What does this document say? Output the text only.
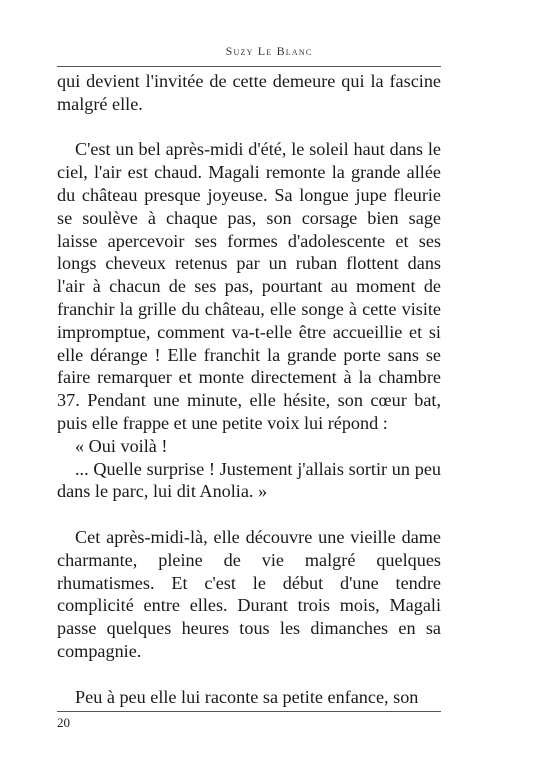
Suzy Le Blanc

qui devient l'invitée de cette demeure qui la fascine malgré elle.

C'est un bel après-midi d'été, le soleil haut dans le ciel, l'air est chaud. Magali remonte la grande allée du château presque joyeuse. Sa longue jupe fleurie se soulève à chaque pas, son corsage bien sage laisse apercevoir ses formes d'adolescente et ses longs cheveux retenus par un ruban flottent dans l'air à chacun de ses pas, pourtant au moment de franchir la grille du château, elle songe à cette visite impromptue, comment va-t-elle être accueillie et si elle dérange ! Elle franchit la grande porte sans se faire remarquer et monte directement à la chambre 37. Pendant une minute, elle hésite, son cœur bat, puis elle frappe et une petite voix lui répond :

« Oui voilà !

... Quelle surprise ! Justement j'allais sortir un peu dans le parc, lui dit Anolia. »

Cet après-midi-là, elle découvre une vieille dame charmante, pleine de vie malgré quelques rhumatismes. Et c'est le début d'une tendre complicité entre elles. Durant trois mois, Magali passe quelques heures tous les dimanches en sa compagnie.

Peu à peu elle lui raconte sa petite enfance, son

20
